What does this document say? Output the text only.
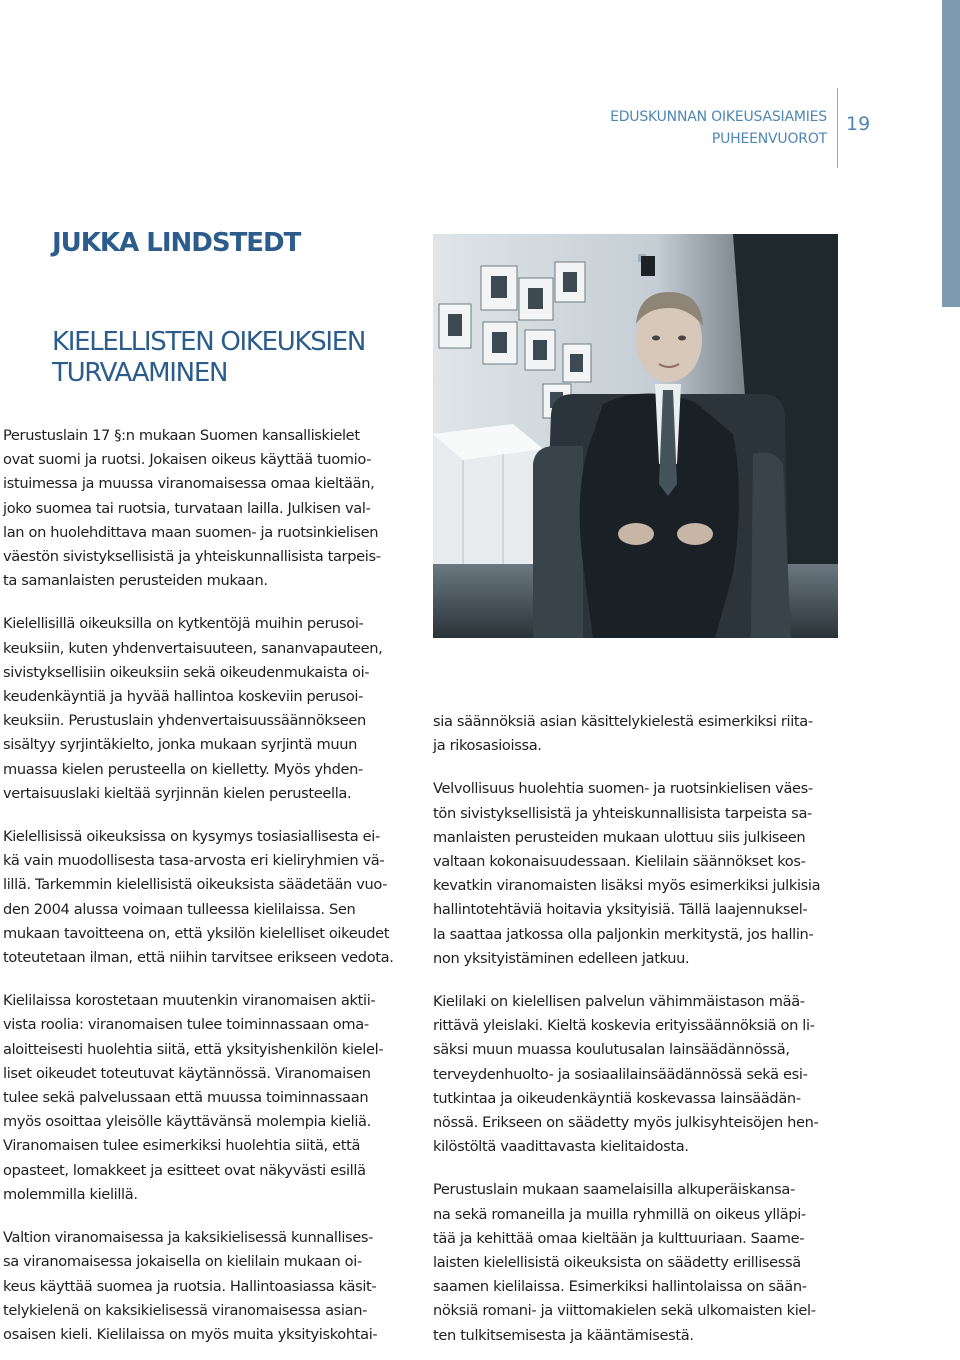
EDUSKUNNAN OIKEUSASIAMIES
PUHEENVUOROT
19
JUKKA LINDSTEDT
KIELELLISTEN OIKEUKSIEN
TURVAAMINEN

Perustuslain 17 §:n mukaan Suomen kansalliskielet
ovat suomi ja ruotsi. Jokaisen oikeus käyttää tuomio-
istuimessa ja muussa viranomaisessa omaa kieltään,
joko suomea tai ruotsia, turvataan lailla. Julkisen val-
lan on huolehdittava maan suomen- ja ruotsinkielisen
väestön sivistyksellisistä ja yhteiskunnallisista tarpeis-
ta samanlaisten perusteiden mukaan.

Kielellisillä oikeuksilla on kytkentöjä muihin perusoi-
keuksiin, kuten yhdenvertaisuuteen, sananvapauteen,
sivistyksellisiin oikeuksiin sekä oikeudenmukaista oi-
keudenkäyntiä ja hyvää hallintoa koskeviin perusoi-
keuksiin. Perustuslain yhdenvertaisuussäännökseen
sisältyy syrjintäkielto, jonka mukaan syrjintä muun
muassa kielen perusteella on kielletty. Myös yhden-
vertaisuuslaki kieltää syrjinnän kielen perusteella.

Kielellisissä oikeuksissa on kysymys tosiasiallisesta ei-
kä vain muodollisesta tasa-arvosta eri kieliryhmien vä-
lillä. Tarkemmin kielellisistä oikeuksista säädetään vuo-
den 2004 alussa voimaan tulleessa kielilaissa. Sen
mukaan tavoitteena on, että yksilön kielelliset oikeudet
toteutetaan ilman, että niihin tarvitsee erikseen vedota.

Kielilaissa korostetaan muutenkin viranomaisen aktii-
vista roolia: viranomaisen tulee toiminnassaan oma-
aloitteisesti huolehtia siitä, että yksityishenkilön kielel-
liset oikeudet toteutuvat käytännössä. Viranomaisen
tulee sekä palvelussaan että muussa toiminnassaan
myös osoittaa yleisölle käyttävänsä molempia kieliä.
Viranomaisen tulee esimerkiksi huolehtia siitä, että
opasteet, lomakkeet ja esitteet ovat näkyvästi esillä
molemmilla kielillä.

Valtion viranomaisessa ja kaksikielisessä kunnallises-
sa viranomaisessa jokaisella on kielilain mukaan oi-
keus käyttää suomea ja ruotsia. Hallintoasiassa käsit-
telykielenä on kaksikielisessä viranomaisessa asian-
osaisen kieli. Kielilaissa on myös muita yksityiskohtai-

sia säännöksiä asian käsittelykielestä esimerkiksi riita-
ja rikosasioissa.

Velvollisuus huolehtia suomen- ja ruotsinkielisen väes-
tön sivistyksellisistä ja yhteiskunnallisista tarpeista sa-
manlaisten perusteiden mukaan ulottuu siis julkiseen
valtaan kokonaisuudessaan. Kielilain säännökset kos-
kevatkin viranomaisten lisäksi myös esimerkiksi julkisia
hallintotehtäviä hoitavia yksityisiä. Tällä laajennuksel-
la saattaa jatkossa olla paljonkin merkitystä, jos hallin-
non yksityistäminen edelleen jatkuu.

Kielilaki on kielellisen palvelun vähimmäistason mää-
rittävä yleislaki. Kieltä koskevia erityissäännöksiä on li-
säksi muun muassa koulutusalan lainsäädännössä,
terveydenhuolto- ja sosiaalilainsäädännössä sekä esi-
tutkintaa ja oikeudenkäyntiä koskevassa lainsäädän-
nössä. Erikseen on säädetty myös julkisyhteisöjen hen-
kilöstöltä vaadittavasta kielitaidosta.

Perustuslain mukaan saamelaisilla alkuperäiskansa-
na sekä romaneilla ja muilla ryhmillä on oikeus ylläpi-
tää ja kehittää omaa kieltään ja kulttuuriaan. Saame-
laisten kielellisistä oikeuksista on säädetty erillisessä
saamen kielilaissa. Esimerkiksi hallintolaissa on sään-
nöksiä romani- ja viittomakielen sekä ulkomaisten kiel-
ten tulkitsemisesta ja kääntämisestä.
